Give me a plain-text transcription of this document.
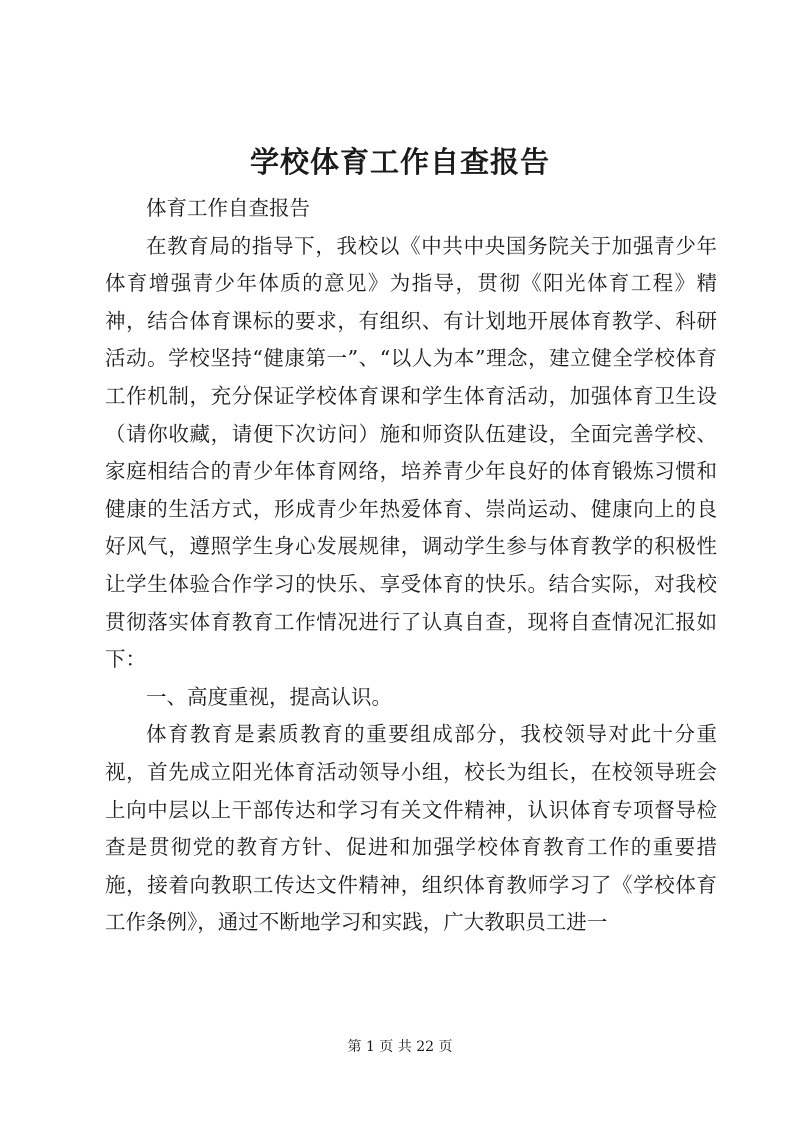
学校体育工作自查报告

体育工作自查报告

在教育局的指导下，我校以《中共中央国务院关于加强青少年体育增强青少年体质的意见》为指导，贯彻《阳光体育工程》精神，结合体育课标的要求，有组织、有计划地开展体育教学、科研活动。学校坚持“健康第一”、“以人为本”理念，建立健全学校体育工作机制，充分保证学校体育课和学生体育活动，加强体育卫生设（请你收藏，请便下次访问）施和师资队伍建设，全面完善学校、家庭相结合的青少年体育网络，培养青少年良好的体育锻炼习惯和健康的生活方式，形成青少年热爱体育、崇尚运动、健康向上的良好风气，遵照学生身心发展规律，调动学生参与体育教学的积极性让学生体验合作学习的快乐、享受体育的快乐。结合实际，对我校贯彻落实体育教育工作情况进行了认真自查，现将自查情况汇报如下：

一、高度重视，提高认识。

体育教育是素质教育的重要组成部分，我校领导对此十分重视，首先成立阳光体育活动领导小组，校长为组长，在校领导班会上向中层以上干部传达和学习有关文件精神，认识体育专项督导检查是贯彻党的教育方针、促进和加强学校体育教育工作的重要措施，接着向教职工传达文件精神，组织体育教师学习了《学校体育工作条例》，通过不断地学习和实践，广大教职员工进一

第 1 页 共 22 页
